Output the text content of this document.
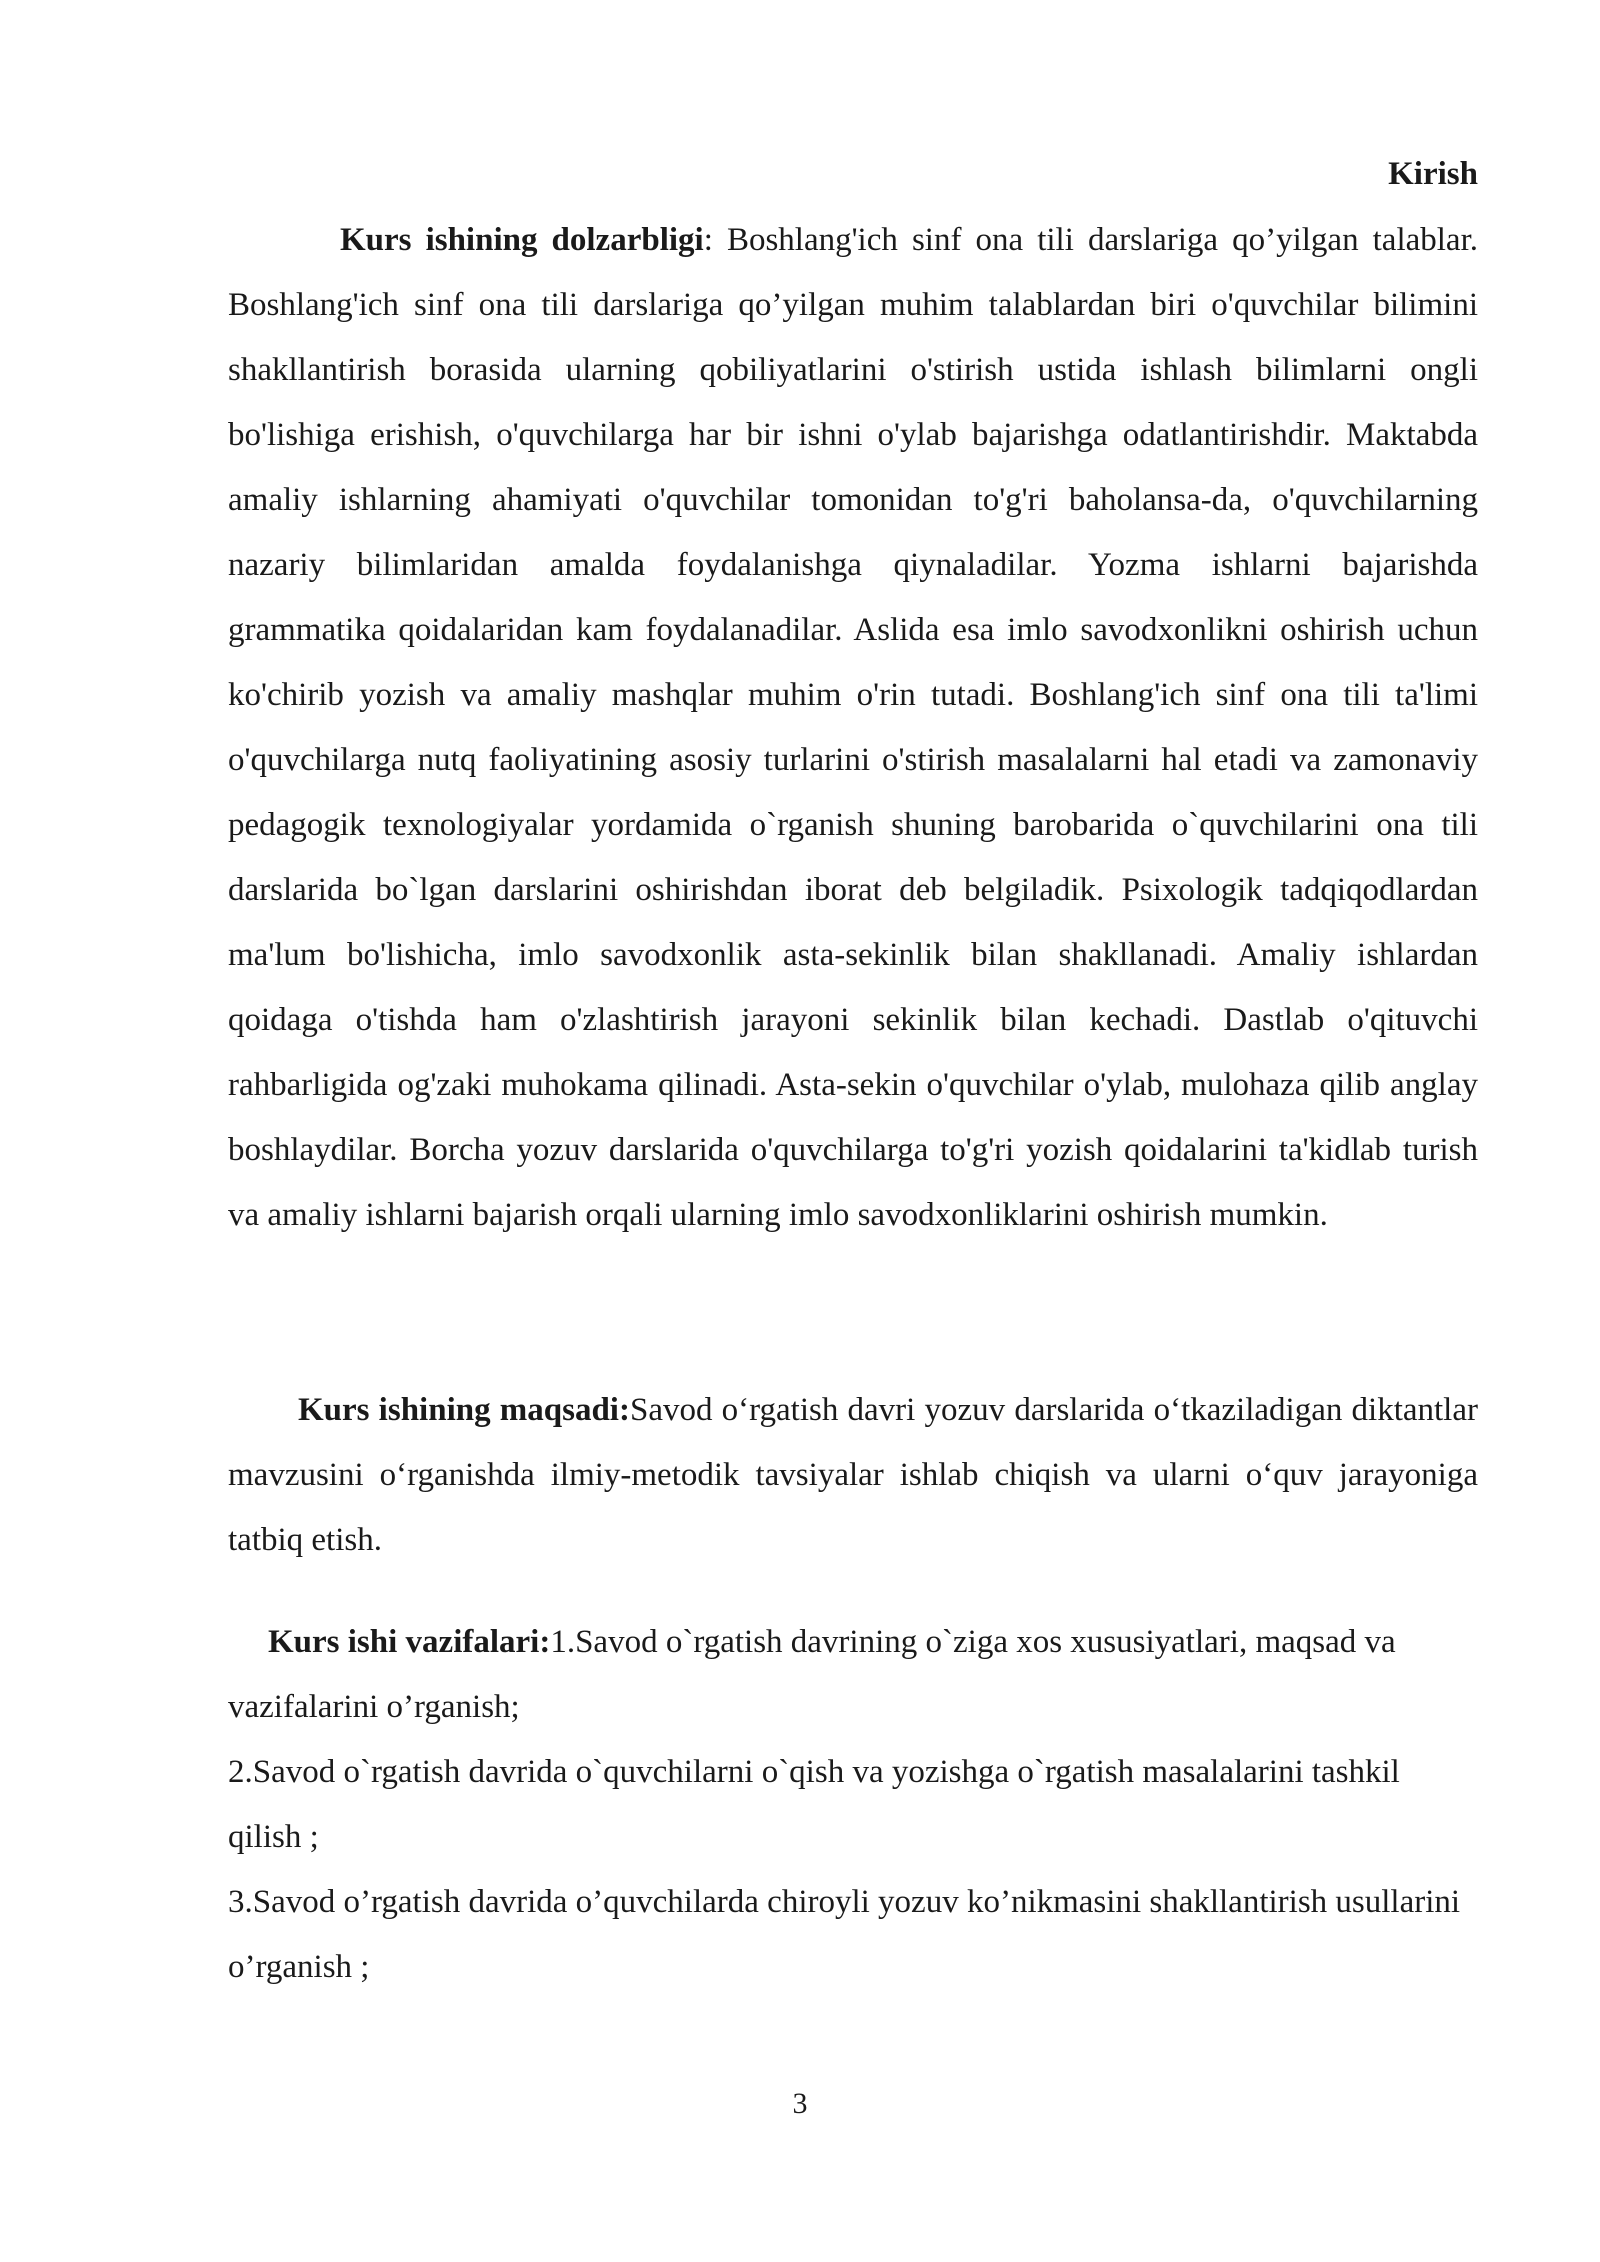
Kirish

Kurs ishining dolzarbligi: Boshlang'ich sinf ona tili darslariga qo’yilgan talablar. Boshlang'ich sinf ona tili darslariga qo’yilgan muhim talablardan biri o'quvchilar bilimini shakllantirish borasida ularning qobiliyatlarini o'stirish ustida ishlash bilimlarni ongli bo'lishiga erishish, o'quvchilarga har bir ishni o'ylab bajarishga odatlantirishdir. Maktabda amaliy ishlarning ahamiyati o'quvchilar tomonidan to'g'ri baholansa-da, o'quvchilarning nazariy bilimlaridan amalda foydalanishga qiynaladilar. Yozma ishlarni bajarishda grammatika qoidalaridan kam foydalanadilar. Aslida esa imlo savodxonlikni oshirish uchun ko'chirib yozish va amaliy mashqlar muhim o'rin tutadi. Boshlang'ich sinf ona tili ta'limi o'quvchilarga nutq faoliyatining asosiy turlarini o'stirish masalalarni hal etadi va zamonaviy pedagogik texnologiyalar yordamida o`rganish shuning barobarida o`quvchilarini ona tili darslarida bo`lgan darslarini oshirishdan iborat deb belgiladik. Psixologik tadqiqodlardan ma'lum bo'lishicha, imlo savodxonlik asta-sekinlik bilan shakllanadi. Amaliy ishlardan qoidaga o'tishda ham o'zlashtirish jarayoni sekinlik bilan kechadi. Dastlab o'qituvchi rahbarligida og'zaki muhokama qilinadi. Asta-sekin o'quvchilar o'ylab, mulohaza qilib anglay boshlaydilar. Borcha yozuv darslarida o'quvchilarga to'g'ri yozish qoidalarini ta'kidlab turish va amaliy ishlarni bajarish orqali ularning imlo savodxonliklarini oshirish mumkin.

Kurs ishining maqsadi:Savod o‘rgatish davri yozuv darslarida o‘tkaziladigan diktantlar mavzusini o‘rganishda ilmiy-metodik tavsiyalar ishlab chiqish va ularni o‘quv jarayoniga tatbiq etish.

Kurs ishi vazifalari:1.Savod o`rgatish davrining o`ziga xos xususiyatlari, maqsad va vazifalarini o’rganish;

2.Savod o`rgatish davrida o`quvchilarni o`qish va yozishga o`rgatish masalalarini tashkil qilish ;

3.Savod o’rgatish davrida o’quvchilarda chiroyli yozuv ko’nikmasini shakllantirish usullarini o’rganish ;

3
